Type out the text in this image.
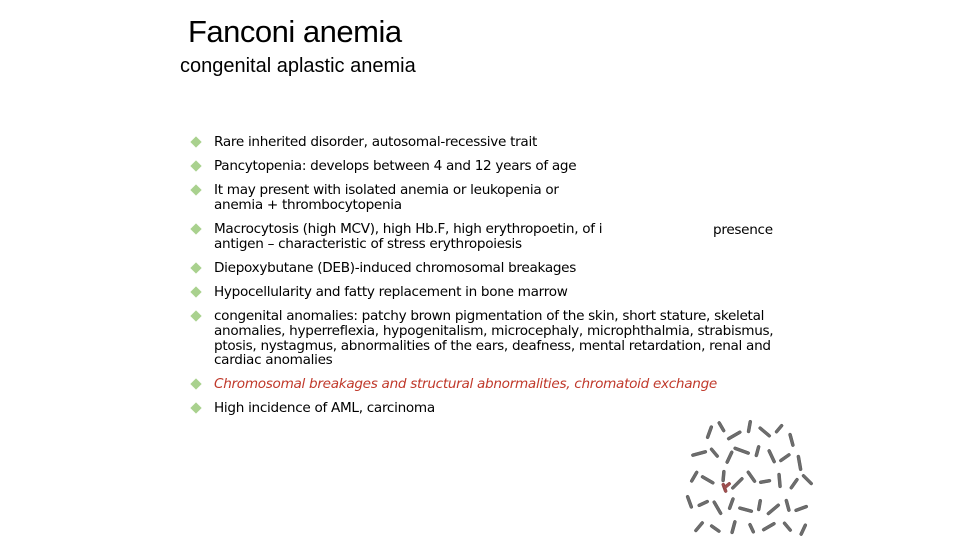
Fanconi anemia
congenital aplastic anemia
Rare inherited disorder, autosomal-recessive trait
Pancytopenia: develops between 4 and 12 years of age
It may present with isolated anemia or leukopenia or anemia + thrombocytopenia
Macrocytosis (high MCV), high Hb.F, high erythropoetin, of i antigen – characteristic of stress erythropoiesis
Diepoxybutane (DEB)-induced chromosomal breakages
Hypocellularity and fatty replacement in bone marrow
congenital anomalies: patchy brown pigmentation of the skin, short stature, skeletal anomalies, hyperreflexia, hypogenitalism, microcephaly, microphthalmia, strabismus, ptosis, nystagmus, abnormalities of the ears, deafness, mental retardation, renal and cardiac anomalies
Chromosomal breakages and structural abnormalities, chromatoid exchange
High incidence of AML, carcinoma
presence
